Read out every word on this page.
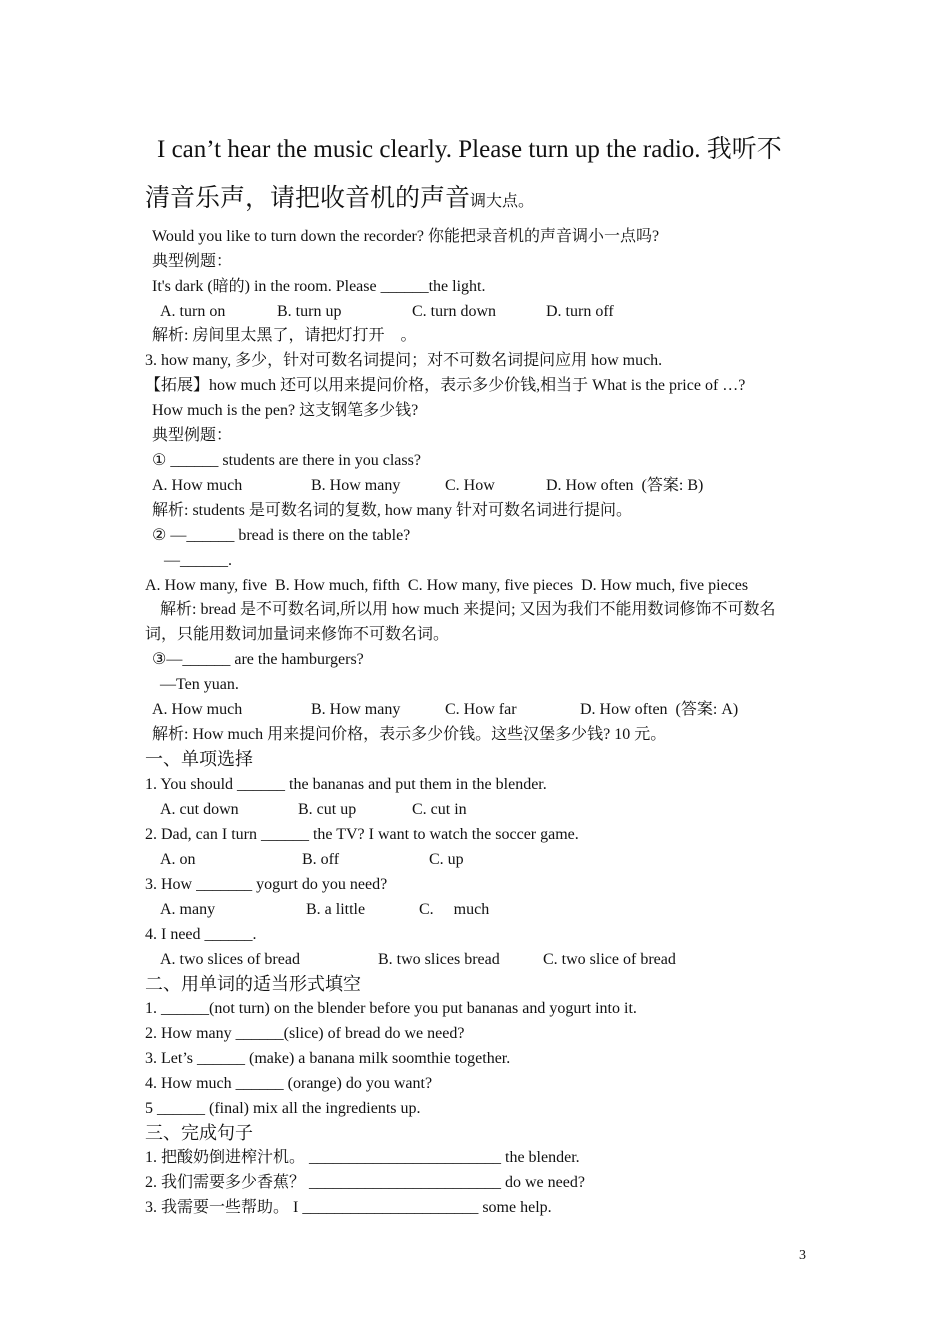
I can’t hear the music clearly. Please turn up the radio. 我听不
清音乐声，请把收音机的声音调大点。
Would you like to turn down the recorder? 你能把录音机的声音调小一点吗?
典型例题：
It's dark (暗的) in the room. Please ______the light.
A. turn on	B. turn up	C. turn down	D. turn off
解析: 房间里太黑了，请把灯打开    。
3. how many, 多少，针对可数名词提问；对不可数名词提问应用 how much.
【拓展】how much 还可以用来提问价格，表示多少价钱,相当于 What is the price of …?
How much is the pen? 这支钢笔多少钱?
典型例题：
① ______ students are there in you class?
A. How much	B. How many	C. How	D. How often  (答案: B)
解析: students 是可数名词的复数, how many 针对可数名词进行提问。
② —______ bread is there on the table?
—______.
A. How many, five  B. How much, fifth  C. How many, five pieces  D. How much, five pieces
解析: bread 是不可数名词,所以用 how much 来提问; 又因为我们不能用数词修饰不可数名
词，只能用数词加量词来修饰不可数名词。
③—______ are the hamburgers?
—Ten yuan.
A. How much	B. How many	C. How far	D. How often  (答案: A)
解析: How much 用来提问价格，表示多少价钱。这些汉堡多少钱? 10 元。
一、单项选择
1. You should ______ the bananas and put them in the blender.
A. cut down	B. cut up	C. cut in
2. Dad, can I turn ______ the TV? I want to watch the soccer game.
A. on	B. off	C. up
3. How _______ yogurt do you need?
A. many	B. a little	C.     much
4. I need ______.
A. two slices of bread	B. two slices bread	C. two slice of bread
二、用单词的适当形式填空
1. ______(not turn) on the blender before you put bananas and yogurt into it.
2. How many ______(slice) of bread do we need?
3. Let’s ______ (make) a banana milk soomthie together.
4. How much ______ (orange) do you want?
5 ______ (final) mix all the ingredients up.
三、完成句子
1. 把酸奶倒进榨汁机。 ________________________ the blender.
2. 我们需要多少香蕉？ ________________________ do we need?
3. 我需要一些帮助。 I ______________________ some help.
3
